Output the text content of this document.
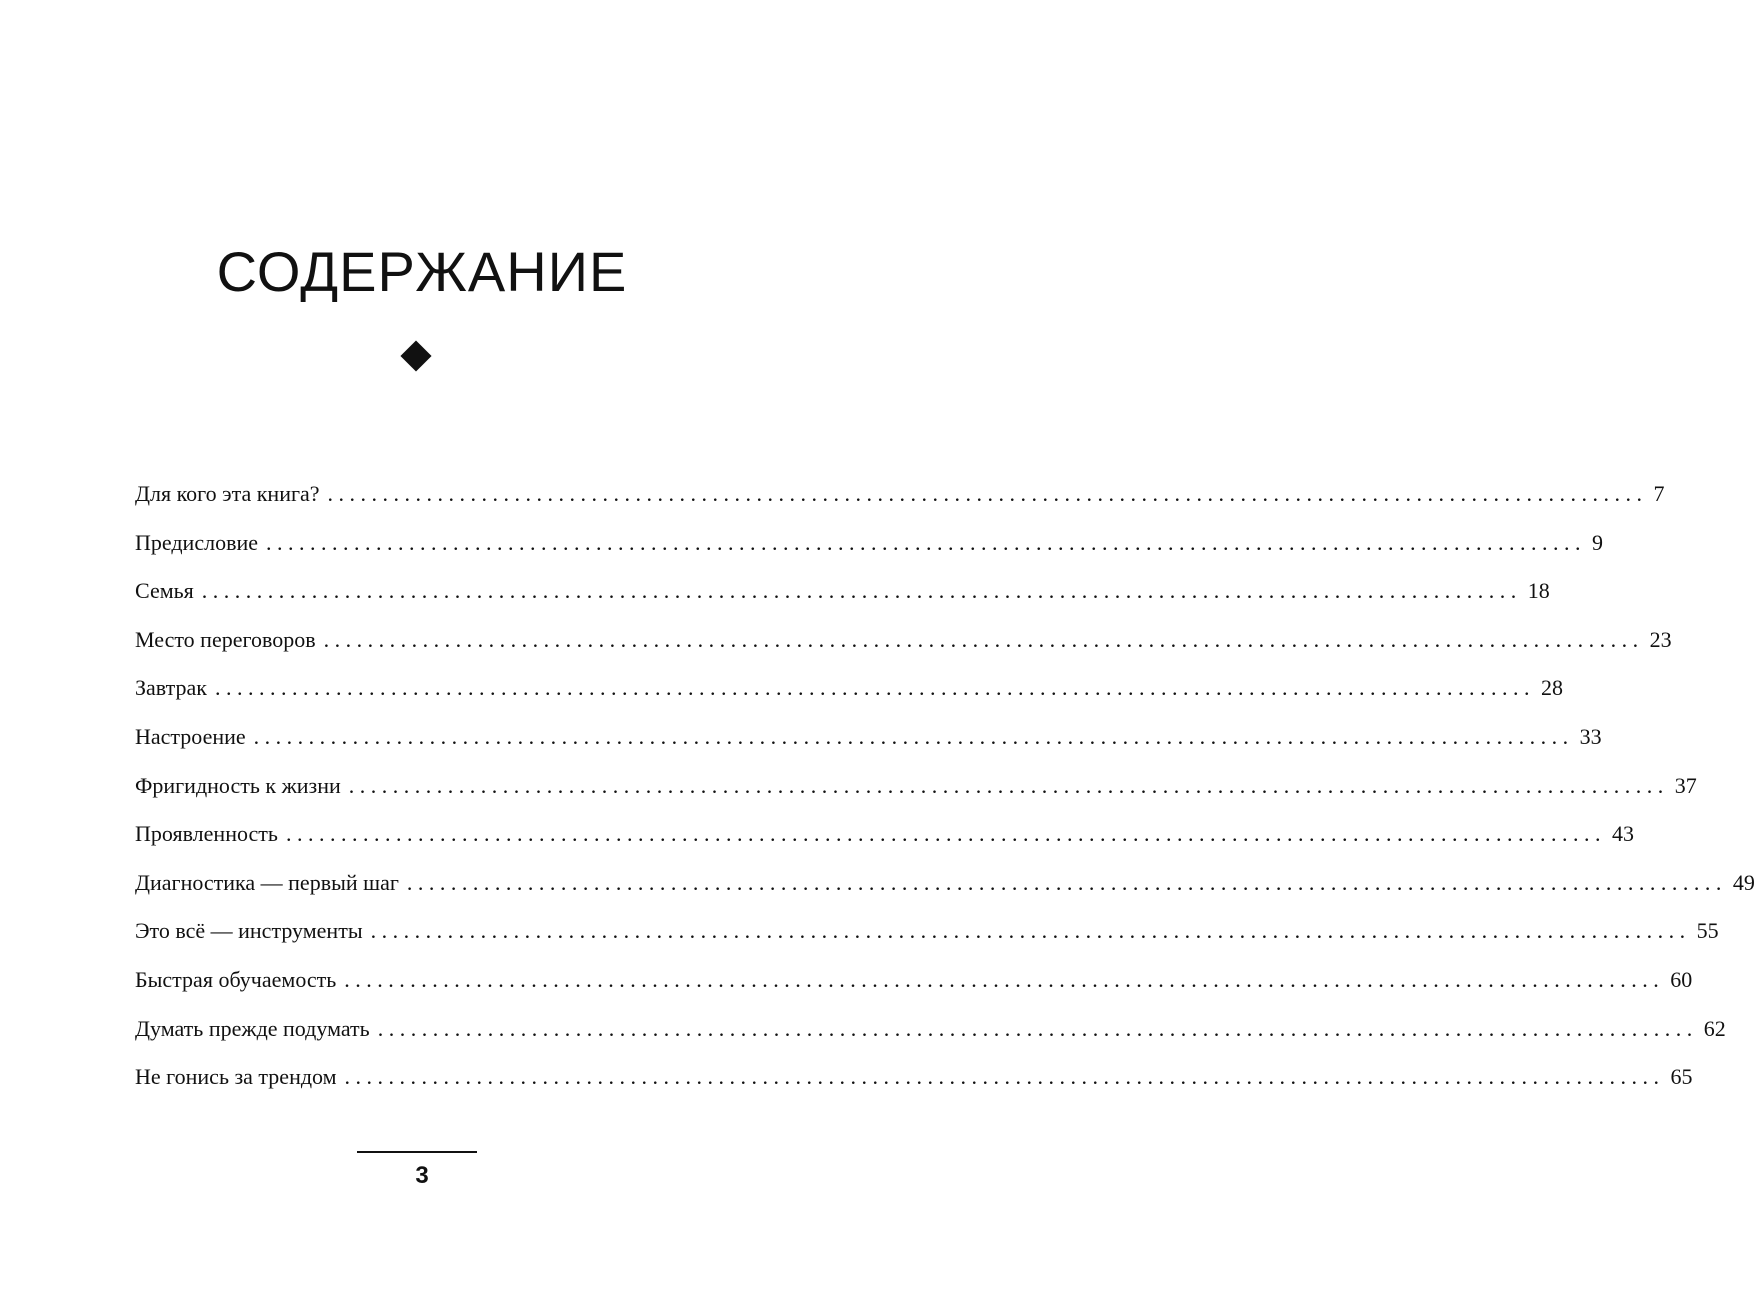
СОДЕРЖАНИЕ
Для кого эта книга? ........................................................................................................................ 7
Предисловие ........................................................................................................................ 9
Семья ........................................................................................................................ 18
Место переговоров ........................................................................................................................ 23
Завтрак ........................................................................................................................ 28
Настроение ........................................................................................................................ 33
Фригидность к жизни ........................................................................................................................ 37
Проявленность ........................................................................................................................ 43
Диагностика — первый шаг ........................................................................................................................ 49
Это всё — инструменты ........................................................................................................................ 55
Быстрая обучаемость ........................................................................................................................ 60
Думать прежде подумать ........................................................................................................................ 62
Не гонись за трендом ........................................................................................................................ 65
3
